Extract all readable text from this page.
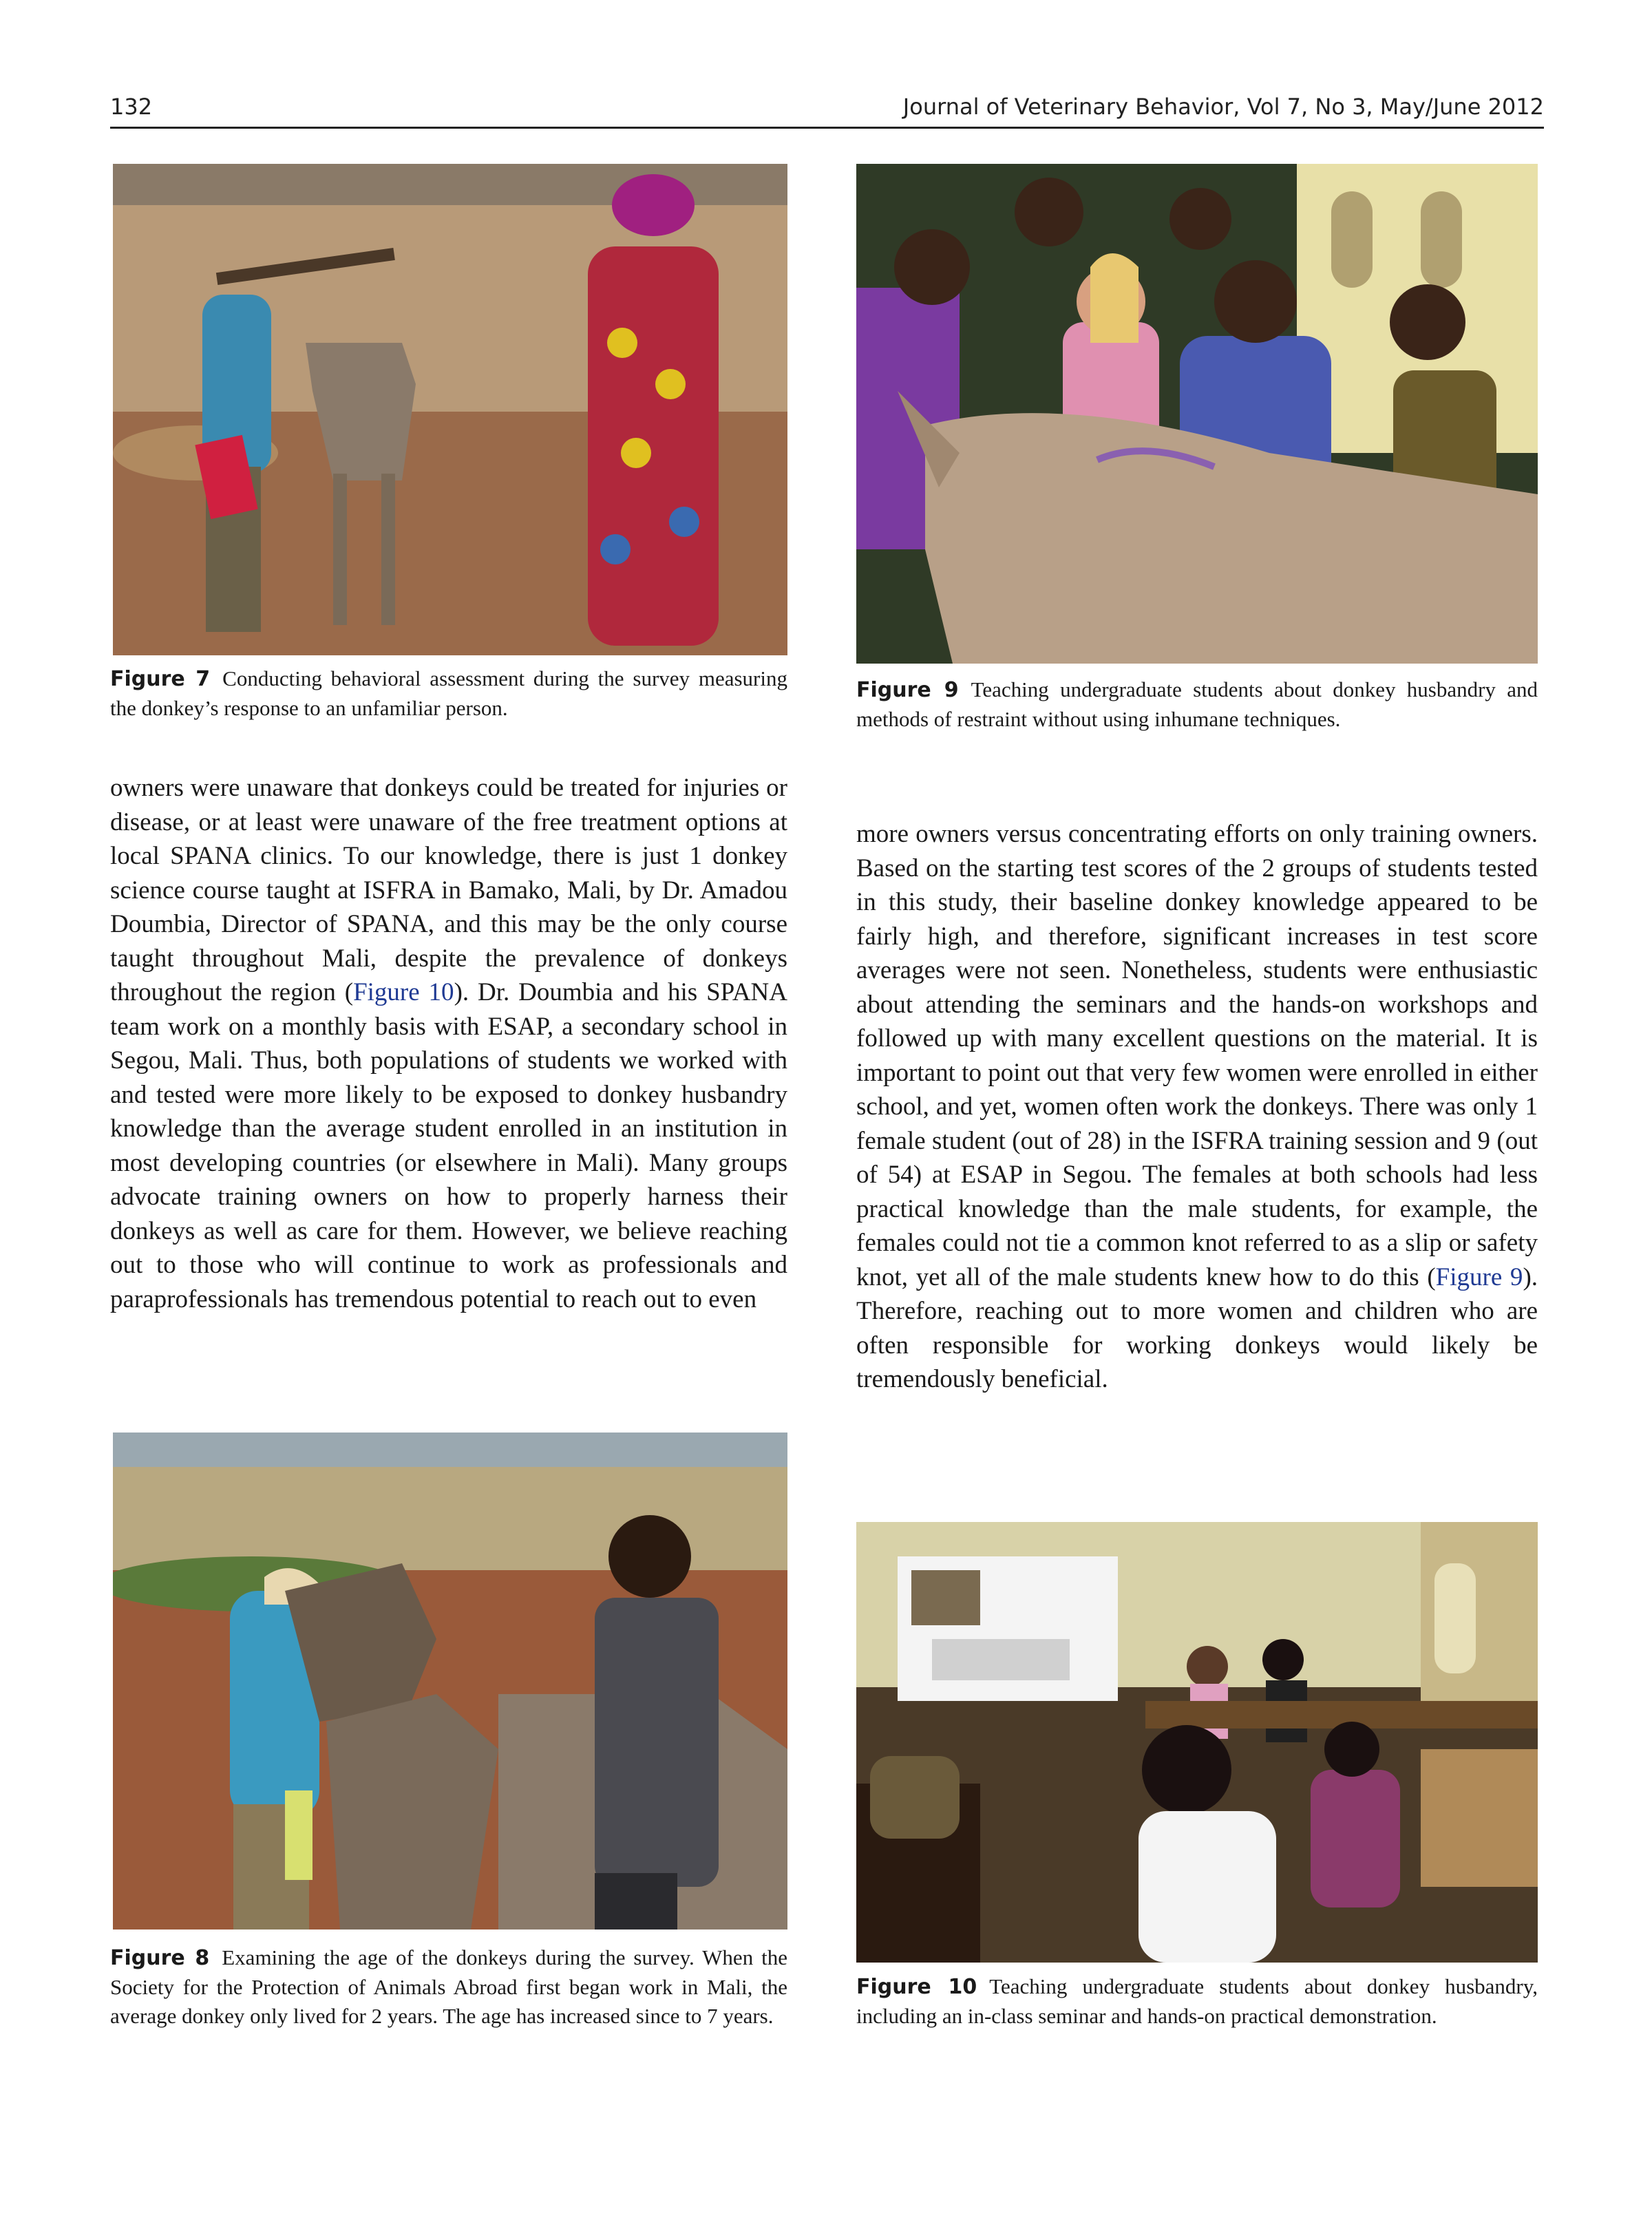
132	Journal of Veterinary Behavior, Vol 7, No 3, May/June 2012
Figure 7 Conducting behavioral assessment during the survey measuring the donkey’s response to an unfamiliar person.
Figure 9 Teaching undergraduate students about donkey husbandry and methods of restraint without using inhumane techniques.
owners were unaware that donkeys could be treated for injuries or disease, or at least were unaware of the free treatment options at local SPANA clinics. To our knowledge, there is just 1 donkey science course taught at ISFRA in Bamako, Mali, by Dr. Amadou Doumbia, Director of SPANA, and this may be the only course taught throughout Mali, despite the prevalence of donkeys throughout the region (Figure 10). Dr. Doumbia and his SPANA team work on a monthly basis with ESAP, a secondary school in Segou, Mali. Thus, both populations of students we worked with and tested were more likely to be exposed to donkey husbandry knowledge than the average student enrolled in an institution in most developing countries (or elsewhere in Mali). Many groups advocate training owners on how to properly harness their donkeys as well as care for them. However, we believe reaching out to those who will continue to work as professionals and paraprofessionals has tremendous potential to reach out to even
more owners versus concentrating efforts on only training owners. Based on the starting test scores of the 2 groups of students tested in this study, their baseline donkey knowledge appeared to be fairly high, and therefore, significant increases in test score averages were not seen. Nonetheless, students were enthusiastic about attending the seminars and the hands-on workshops and followed up with many excellent questions on the material. It is important to point out that very few women were enrolled in either school, and yet, women often work the donkeys. There was only 1 female student (out of 28) in the ISFRA training session and 9 (out of 54) at ESAP in Segou. The females at both schools had less practical knowledge than the male students, for example, the females could not tie a common knot referred to as a slip or safety knot, yet all of the male students knew how to do this (Figure 9). Therefore, reaching out to more women and children who are often responsible for working donkeys would likely be tremendously beneficial.
Figure 8 Examining the age of the donkeys during the survey. When the Society for the Protection of Animals Abroad first began work in Mali, the average donkey only lived for 2 years. The age has increased since to 7 years.
Figure 10 Teaching undergraduate students about donkey husbandry, including an in-class seminar and hands-on practical demonstration.
